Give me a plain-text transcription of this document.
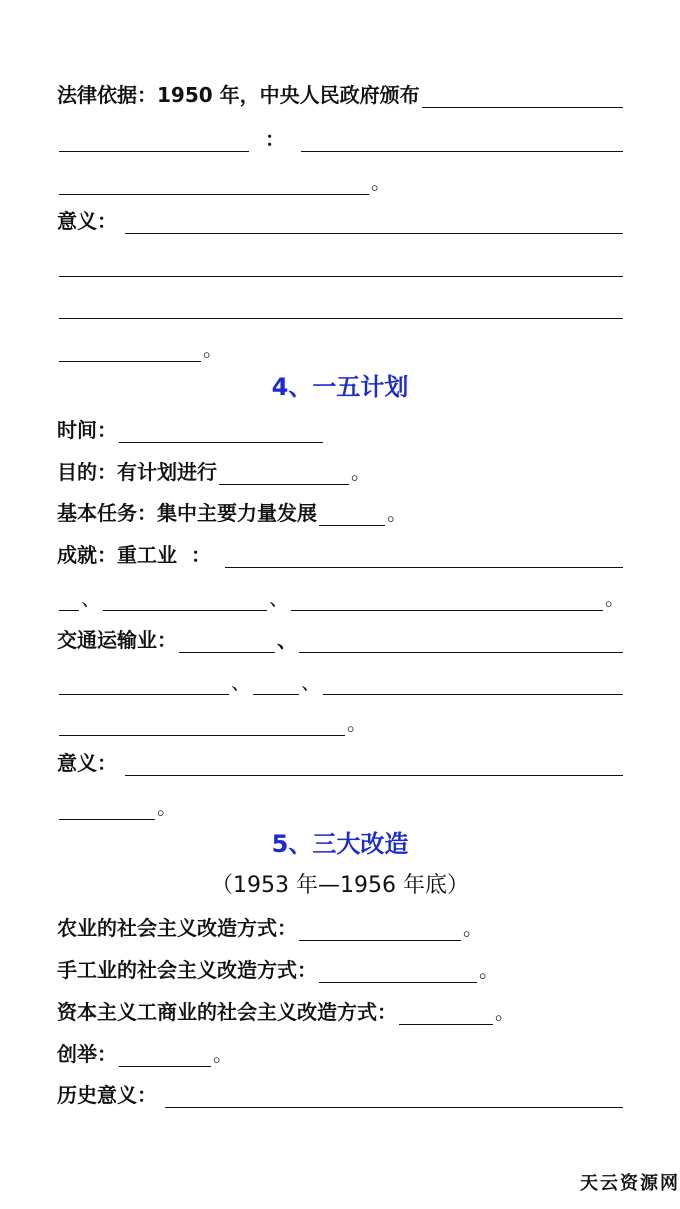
法律依据： 1950 年，中央人民政府颁布
：
。
意义：
。
4、一五计划
时间：
目的： 有计划进行	。
基本任务： 集中主要力量发展	。
成就： 重工业 ：
、	、	。
交通运输业：	、
、	、
。
意义：
。
5、三大改造
（1953 年—1956 年底）
农业的社会主义改造方式：	。
手工业的社会主义改造方式：	。
资本主义工商业的社会主义改造方式：	。
创举：	。
历史意义：
天云资源网
